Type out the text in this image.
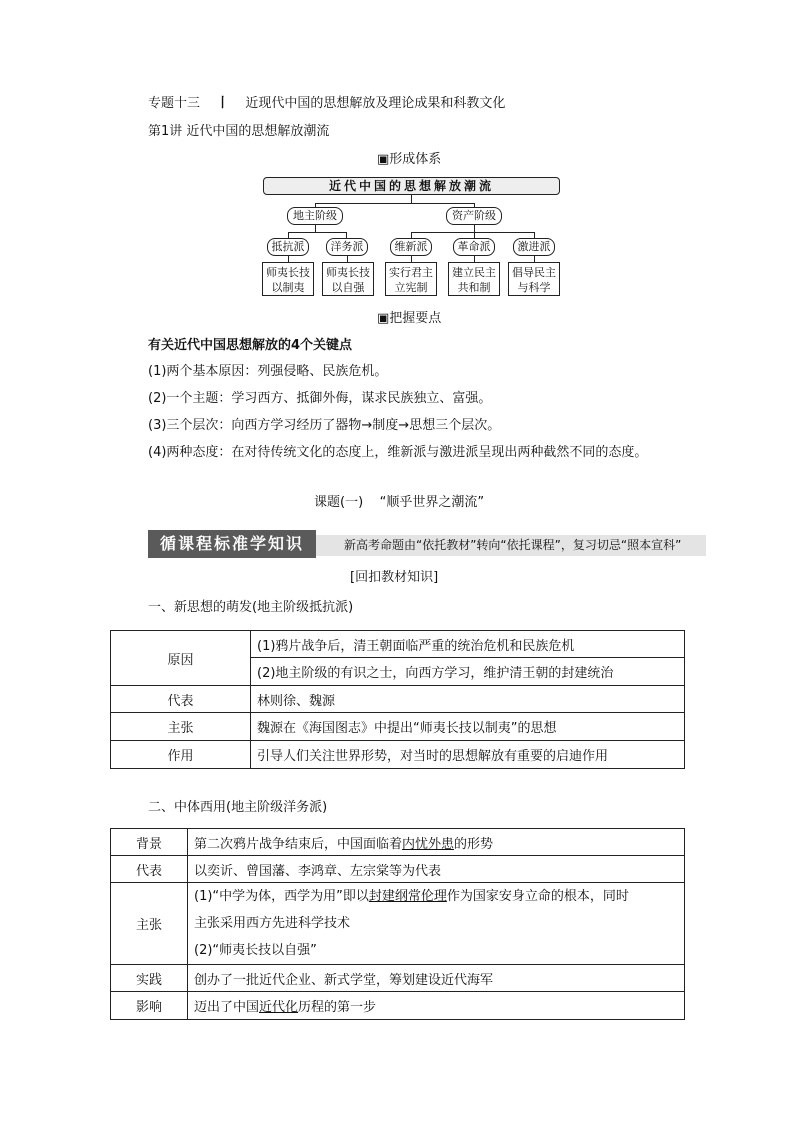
专题十三 丨 近现代中国的思想解放及理论成果和科教文化
第1讲 近代中国的思想解放潮流
▣形成体系
近代中国的思想解放潮流
地主阶级	资产阶级
抵抗派	洋务派	维新派	革命派	激进派
师夷长技
以制夷
师夷长技
以自强
实行君主
立宪制
建立民主
共和制
倡导民主
与科学
▣把握要点
有关近代中国思想解放的4个关键点
(1)两个基本原因：列强侵略、民族危机。
(2)一个主题：学习西方、抵御外侮，谋求民族独立、富强。
(3)三个层次：向西方学习经历了器物→制度→思想三个层次。
(4)两种态度：在对待传统文化的态度上，维新派与激进派呈现出两种截然不同的态度。
课题(一)    “顺乎世界之潮流”
循课程标准学知识	新高考命题由“依托教材”转向“依托课程”，复习切忌“照本宣科”
[回扣教材知识]
一、新思想的萌发(地主阶级抵抗派)
原因	(1)鸦片战争后，清王朝面临严重的统治危机和民族危机
	(2)地主阶级的有识之士，向西方学习，维护清王朝的封建统治
代表	林则徐、魏源
主张	魏源在《海国图志》中提出“师夷长技以制夷”的思想
作用	引导人们关注世界形势，对当时的思想解放有重要的启迪作用
二、中体西用(地主阶级洋务派)
背景	第二次鸦片战争结束后，中国面临着内忧外患的形势
代表	以奕䜣、曾国藩、李鸿章、左宗棠等为代表
主张	(1)“中学为体，西学为用”即以封建纲常伦理作为国家安身立命的根本，同时
主张采用西方先进科学技术
(2)“师夷长技以自强”

实践	创办了一批近代企业、新式学堂，筹划建设近代海军
影响	迈出了中国近代化历程的第一步
